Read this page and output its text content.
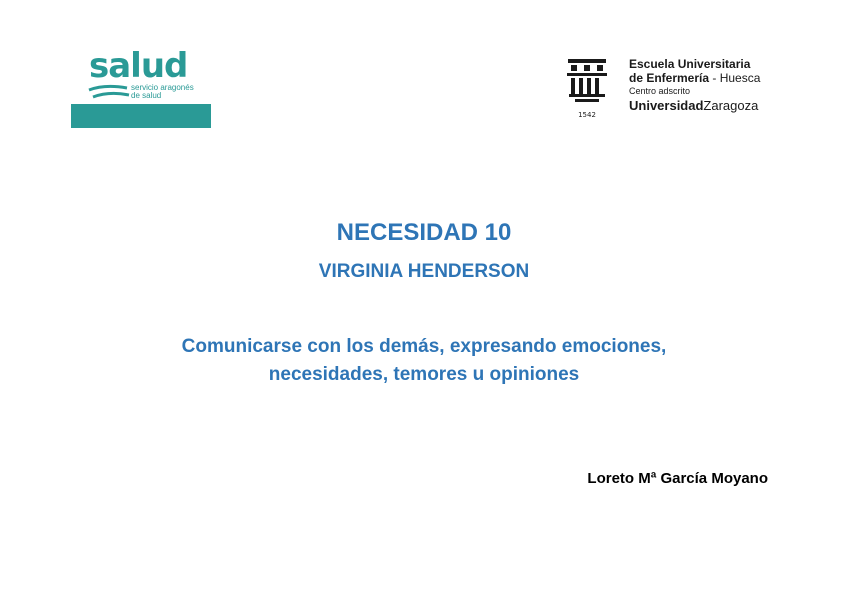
salud
servicio aragonés
de salud
1542
Escuela Universitaria
de Enfermería - Huesca
Centro adscrito
UniversidadZaragoza
NECESIDAD 10
VIRGINIA HENDERSON
Comunicarse con los demás, expresando emociones,
necesidades, temores u opiniones
Loreto Mª García Moyano
